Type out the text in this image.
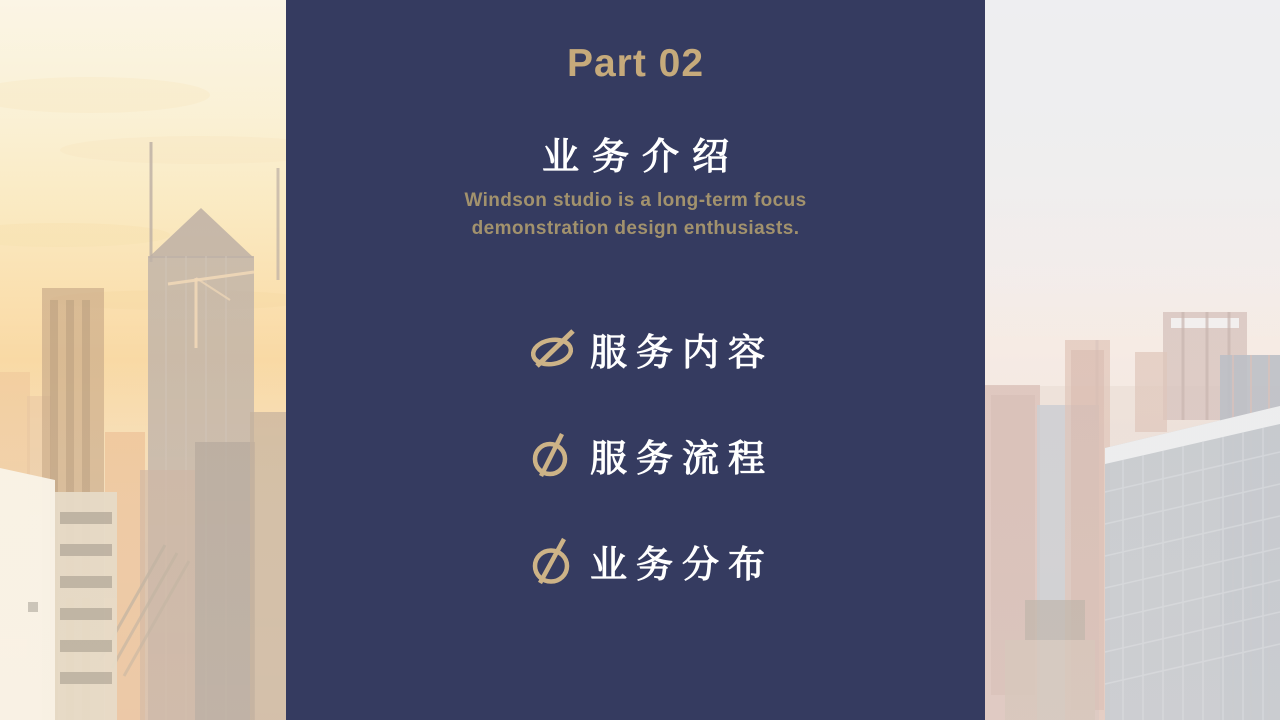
Part 02
业务介绍
Windson studio is a long-term focus
demonstration design enthusiasts.
服务内容
服务流程
业务分布
